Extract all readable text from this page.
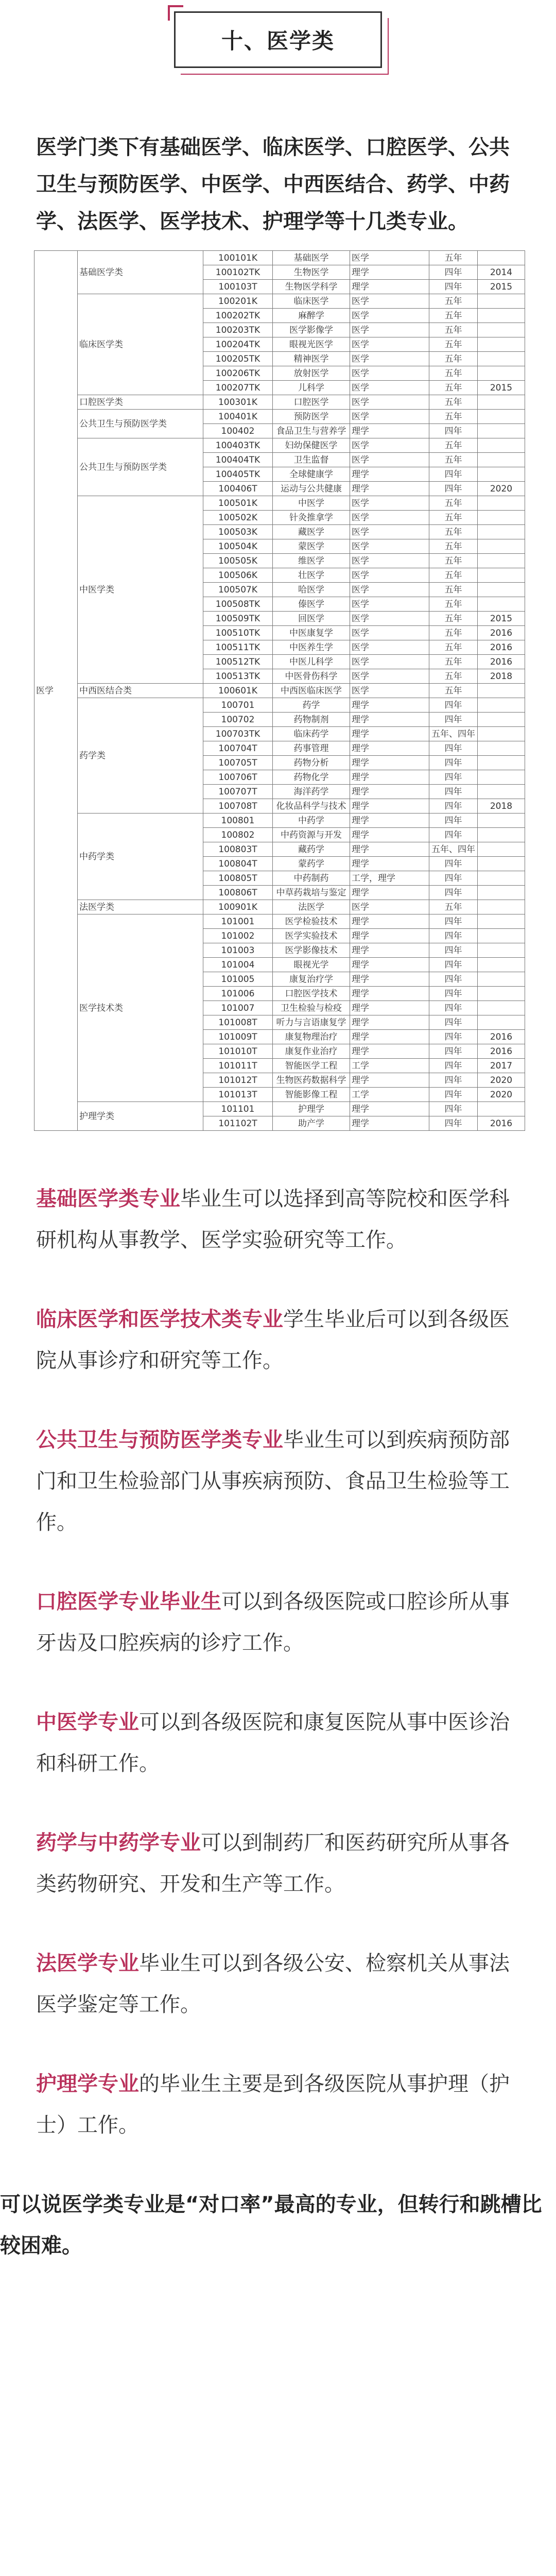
十、医学类

医学门类下有基础医学、临床医学、口腔医学、公共卫生与预防医学、中医学、中西医结合、药学、中药学、法医学、医学技术、护理学等十几类专业。

医学	基础医学类	100101K	基础医学	医学	五年	
		100102TK	生物医学	理学	四年	2014
		100103T	生物医学科学	理学	四年	2015
	临床医学类	100201K	临床医学	医学	五年	
		100202TK	麻醉学	医学	五年	
		100203TK	医学影像学	医学	五年	
		100204TK	眼视光医学	医学	五年	
		100205TK	精神医学	医学	五年	
		100206TK	放射医学	医学	五年	
		100207TK	儿科学	医学	五年	2015
	口腔医学类	100301K	口腔医学	医学	五年	
	公共卫生与预防医学类	100401K	预防医学	医学	五年	
		100402	食品卫生与营养学	理学	四年	
	公共卫生与预防医学类	100403TK	妇幼保健医学	医学	五年	
		100404TK	卫生监督	医学	五年	
		100405TK	全球健康学	理学	四年	
		100406T	运动与公共健康	理学	四年	2020
	中医学类	100501K	中医学	医学	五年	
		100502K	针灸推拿学	医学	五年	
		100503K	藏医学	医学	五年	
		100504K	蒙医学	医学	五年	
		100505K	维医学	医学	五年	
		100506K	壮医学	医学	五年	
		100507K	哈医学	医学	五年	
		100508TK	傣医学	医学	五年	
		100509TK	回医学	医学	五年	2015
		100510TK	中医康复学	医学	五年	2016
		100511TK	中医养生学	医学	五年	2016
		100512TK	中医儿科学	医学	五年	2016
		100513TK	中医骨伤科学	医学	五年	2018
	中西医结合类	100601K	中西医临床医学	医学	五年	
	药学类	100701	药学	理学	四年	
		100702	药物制剂	理学	四年	
		100703TK	临床药学	理学	五年、四年	
		100704T	药事管理	理学	四年	
		100705T	药物分析	理学	四年	
		100706T	药物化学	理学	四年	
		100707T	海洋药学	理学	四年	
		100708T	化妆品科学与技术	理学	四年	2018
	中药学类	100801	中药学	理学	四年	
		100802	中药资源与开发	理学	四年	
		100803T	藏药学	理学	五年、四年	
		100804T	蒙药学	理学	四年	
		100805T	中药制药	工学，理学	四年	
		100806T	中草药栽培与鉴定	理学	四年	
	法医学类	100901K	法医学	医学	五年	
	医学技术类	101001	医学检验技术	理学	四年	
		101002	医学实验技术	理学	四年	
		101003	医学影像技术	理学	四年	
		101004	眼视光学	理学	四年	
		101005	康复治疗学	理学	四年	
		101006	口腔医学技术	理学	四年	
		101007	卫生检验与检疫	理学	四年	
		101008T	听力与言语康复学	理学	四年	
		101009T	康复物理治疗	理学	四年	2016
		101010T	康复作业治疗	理学	四年	2016
		101011T	智能医学工程	工学	四年	2017
		101012T	生物医药数据科学	理学	四年	2020
		101013T	智能影像工程	工学	四年	2020
	护理学类	101101	护理学	理学	四年	
		101102T	助产学	理学	四年	2016

基础医学类专业毕业生可以选择到高等院校和医学科研机构从事教学、医学实验研究等工作。

临床医学和医学技术类专业学生毕业后可以到各级医院从事诊疗和研究等工作。

公共卫生与预防医学类专业毕业生可以到疾病预防部门和卫生检验部门从事疾病预防、食品卫生检验等工作。

口腔医学专业毕业生可以到各级医院或口腔诊所从事牙齿及口腔疾病的诊疗工作。

中医学专业可以到各级医院和康复医院从事中医诊治和科研工作。

药学与中药学专业可以到制药厂和医药研究所从事各类药物研究、开发和生产等工作。

法医学专业毕业生可以到各级公安、检察机关从事法医学鉴定等工作。

护理学专业的毕业生主要是到各级医院从事护理（护士）工作。

可以说医学类专业是“对口率”最高的专业，但转行和跳槽比较困难。
